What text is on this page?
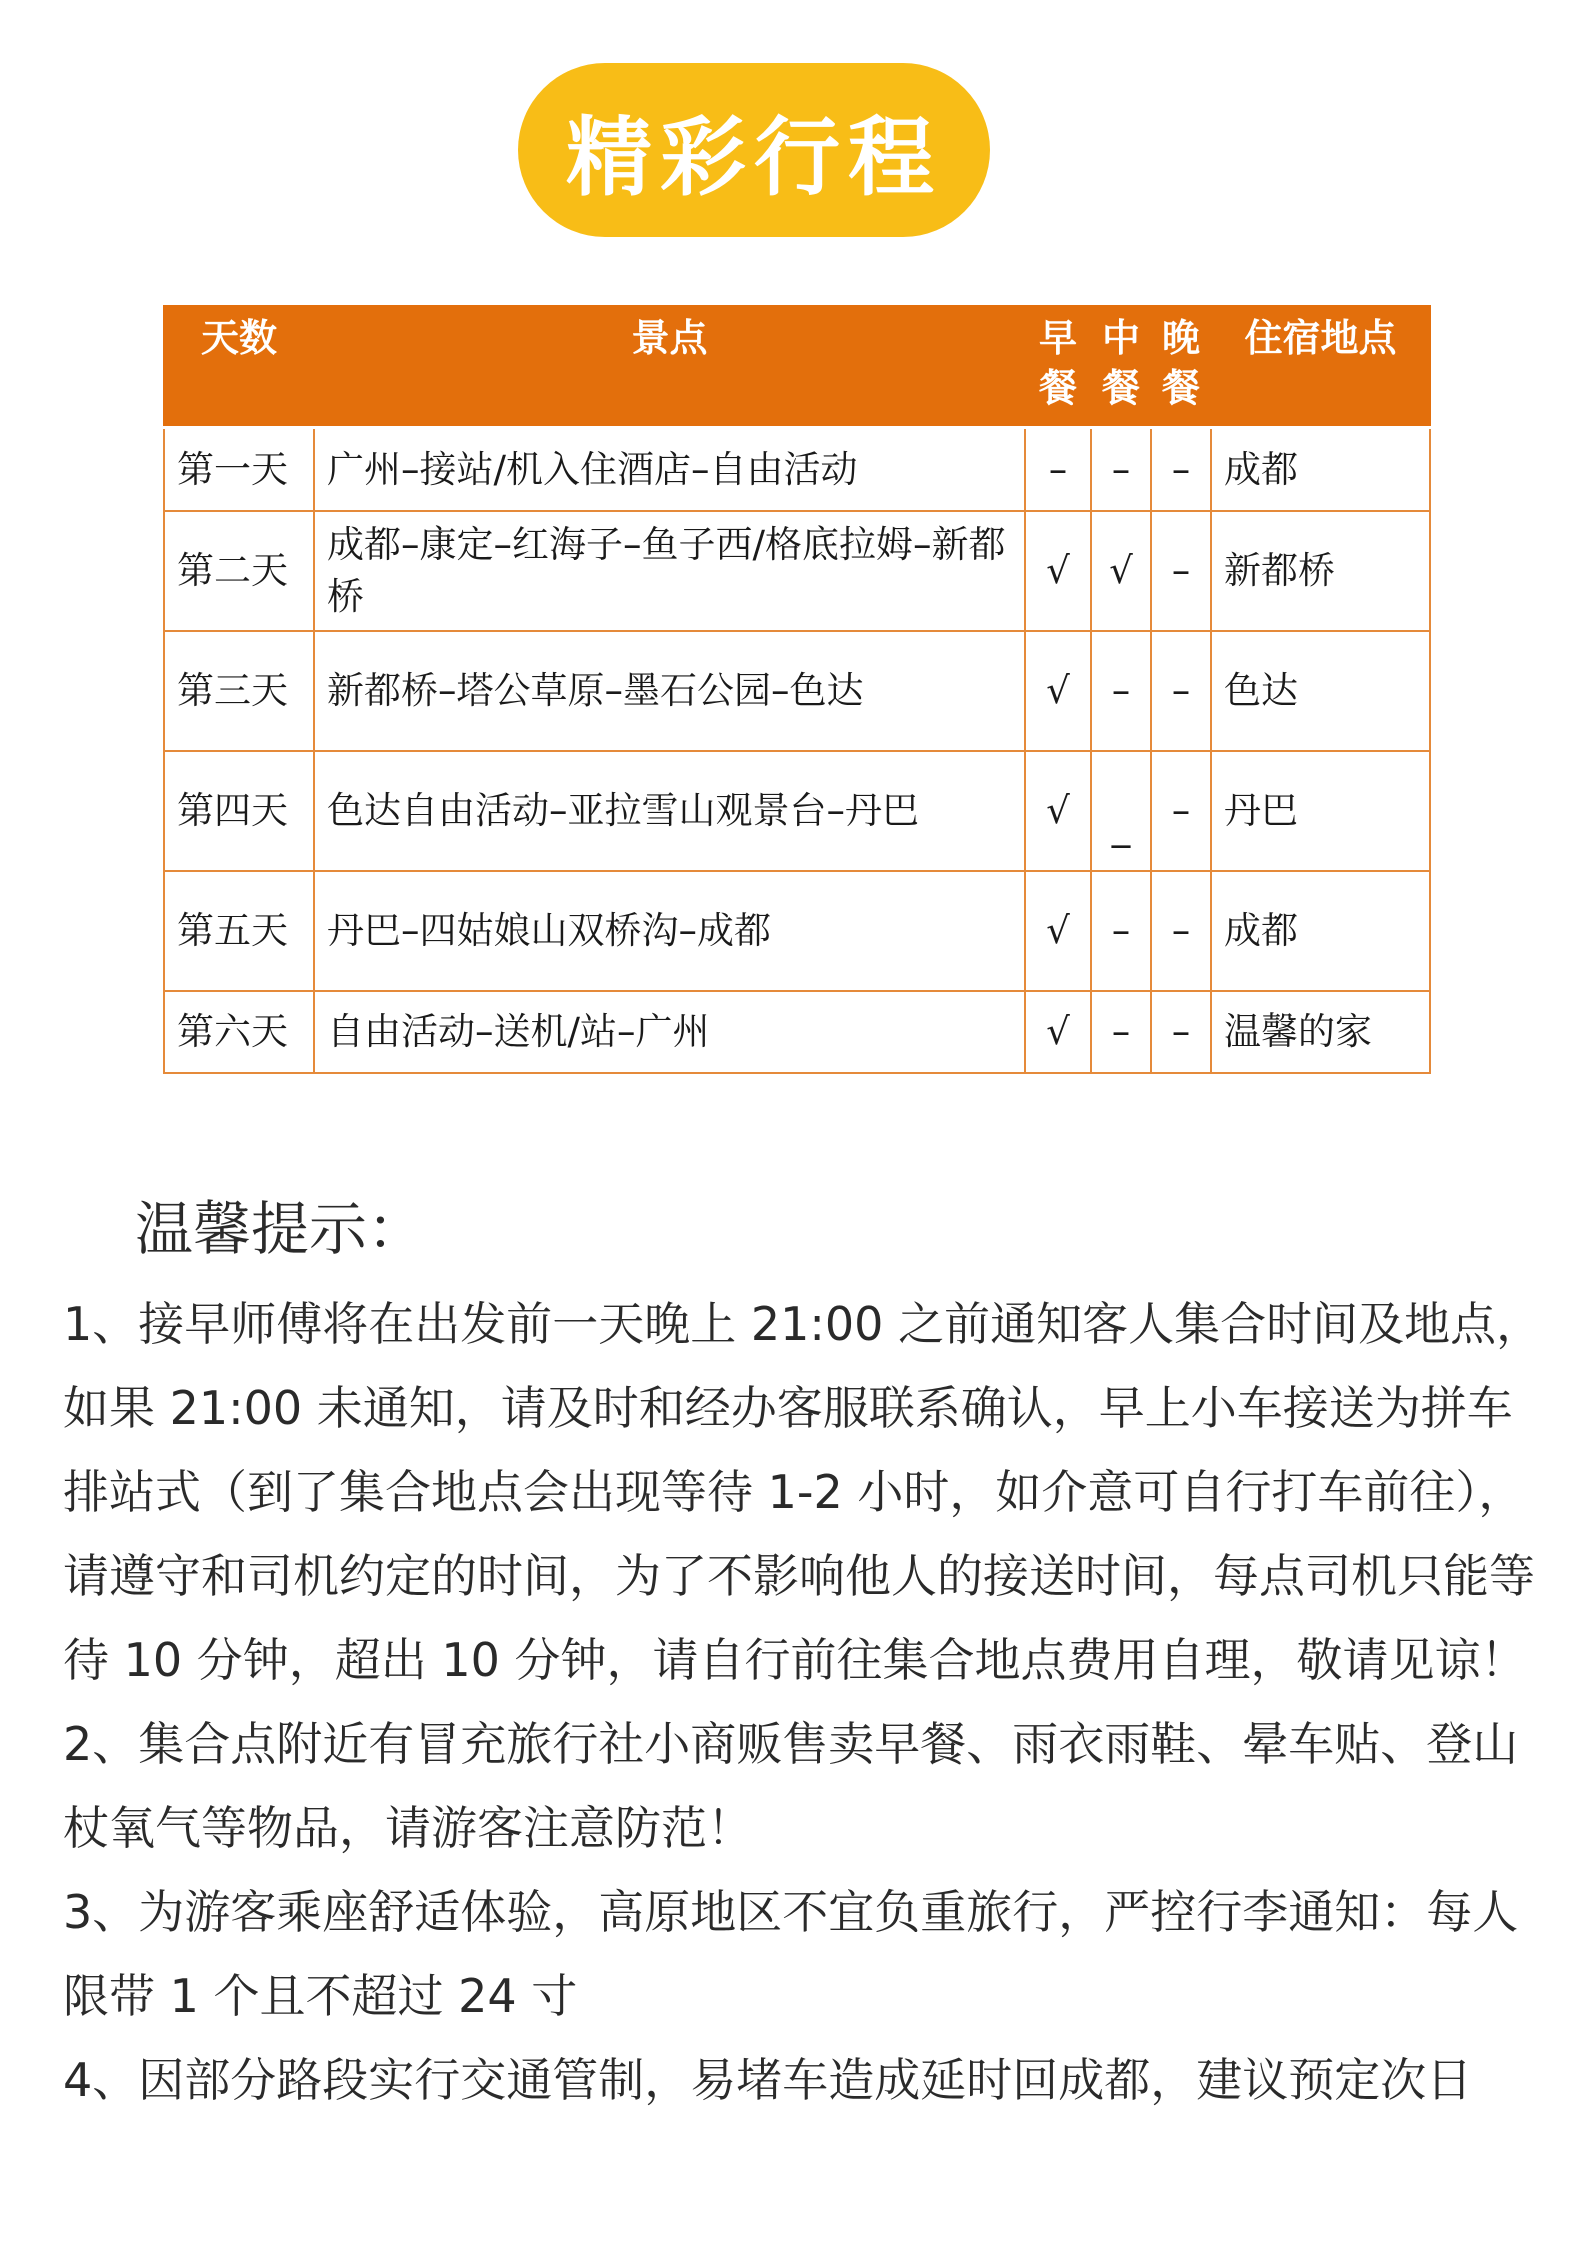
精彩行程
天数	景点	早餐	中餐	晚餐	住宿地点
第一天	广州–接站/机入住酒店–自由活动	–	–	–	成都
第二天	成都–康定–红海子–鱼子西/格底拉姆–新都桥	√	√	–	新都桥
第三天	新都桥–塔公草原–墨石公园–色达	√	–	–	色达
第四天	色达自由活动–亚拉雪山观景台–丹巴	√	_	–	丹巴
第五天	丹巴–四姑娘山双桥沟–成都	√	–	–	成都
第六天	自由活动–送机/站–广州	√	–	–	温馨的家
温馨提示：

1、接早师傅将在出发前一天晚上 21:00 之前通知客人集合时间及地点，如果 21:00 未通知，请及时和经办客服联系确认，早上小车接送为拼车排站式（到了集合地点会出现等待 1-2 小时，如介意可自行打车前往），请遵守和司机约定的时间，为了不影响他人的接送时间，每点司机只能等待 10 分钟，超出 10 分钟，请自行前往集合地点费用自理，敬请见谅！

2、集合点附近有冒充旅行社小商贩售卖早餐、雨衣雨鞋、晕车贴、登山杖氧气等物品，请游客注意防范！

3、为游客乘座舒适体验，高原地区不宜负重旅行，严控行李通知：每人限带 1 个且不超过 24 寸

4、因部分路段实行交通管制，易堵车造成延时回成都，建议预定次日
